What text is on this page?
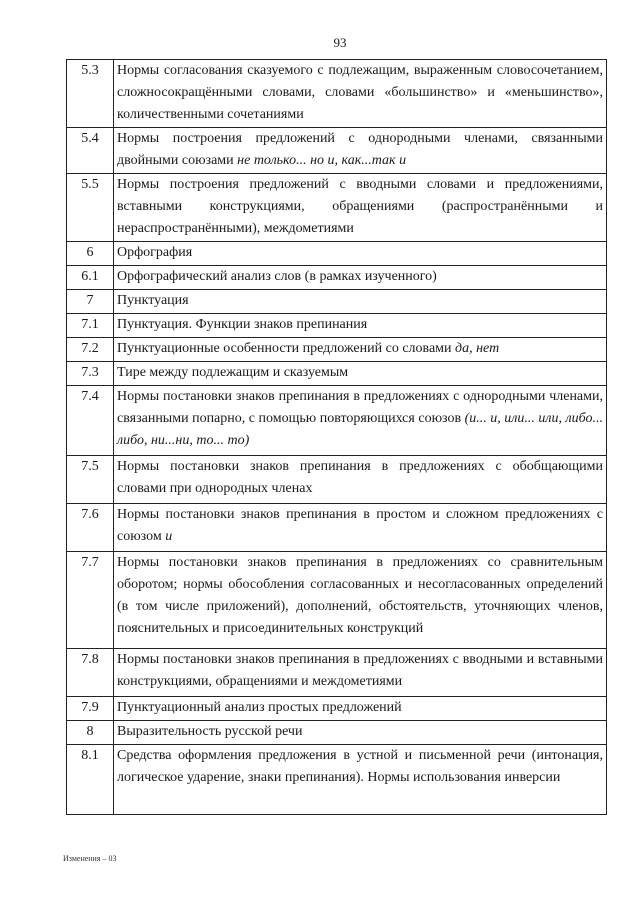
93
5.3	Нормы согласования сказуемого с подлежащим, выраженным словосочетанием, сложносокращёнными словами, словами «большинство» и «меньшинство», количественными сочетаниями
5.4	Нормы построения предложений с однородными членами, связанными двойными союзами не только... но и, как...так и
5.5	Нормы построения предложений с вводными словами и предложениями, вставными конструкциями, обращениями (распространёнными и нераспространёнными), междометиями
6	Орфография
6.1	Орфографический анализ слов (в рамках изученного)
7	Пунктуация
7.1	Пунктуация. Функции знаков препинания
7.2	Пунктуационные особенности предложений со словами да, нет
7.3	Тире между подлежащим и сказуемым
7.4	Нормы постановки знаков препинания в предложениях с однородными членами, связанными попарно, с помощью повторяющихся союзов (и... и, или... или, либо... либо, ни...ни, то... то)
7.5	Нормы постановки знаков препинания в предложениях с обобщающими словами при однородных членах
7.6	Нормы постановки знаков препинания в простом и сложном предложениях с союзом и
7.7	Нормы постановки знаков препинания в предложениях со сравнительным оборотом; нормы обособления согласованных и несогласованных определений (в том числе приложений), дополнений, обстоятельств, уточняющих членов, пояснительных и присоединительных конструкций
7.8	Нормы постановки знаков препинания в предложениях с вводными и вставными конструкциями, обращениями и междометиями
7.9	Пунктуационный анализ простых предложений
8	Выразительность русской речи
8.1	Средства оформления предложения в устной и письменной речи (интонация, логическое ударение, знаки препинания). Нормы использования инверсии
Изменения – 03
